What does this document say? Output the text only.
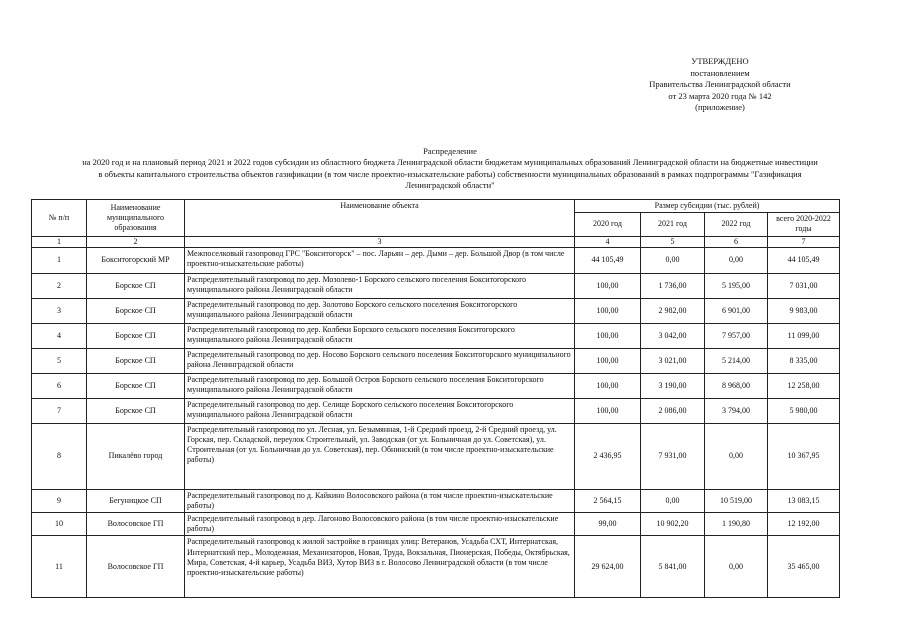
УТВЕРЖДЕНО
постановлением
Правительства Ленинградской области
от 23 марта 2020 года № 142
(приложение)
Распределение
на 2020 год и на плановый период 2021 и 2022 годов субсидии из областного бюджета Ленинградской области бюджетам муниципальных образований Ленинградской области на бюджетные инвестиции
в объекты капитального строительства объектов газификации (в том числе проектно-изыскательские работы) собственности муниципальных образований в рамках подпрограммы "Газификация
Ленинградской области"
№ п/п	Наименование муниципального образования	Наименование объекта	Размер субсидии (тыс. рублей)			
			2020 год	2021 год	2022 год	всего 2020-2022 годы
1	2	3	4	5	6	7
1	Бокситогорский МР	Межпоселковый газопровод ГРС "Бокситогорск" – пос. Ларьян – дер. Дыми – дер. Большой Двор (в том числе проектно-изыскательские работы)	44 105,49	0,00	0,00	44 105,49
2	Борское СП	Распределительный газопровод по дер. Мозолево-1 Борского сельского поселения Бокситогорского муниципального района Ленинградской области	100,00	1 736,00	5 195,00	7 031,00
3	Борское СП	Распределительный газопровод по дер. Золотово Борского сельского поселения Бокситогорского муниципального района Ленинградской области	100,00	2 982,00	6 901,00	9 983,00
4	Борское СП	Распределительный газопровод по дер. Колбеки Борского сельского поселения Бокситогорского муниципального района Ленинградской области	100,00	3 042,00	7 957,00	11 099,00
5	Борское СП	Распределительный газопровод по дер. Носово Борского сельского поселения Бокситогорского муниципального района Ленинградской области	100,00	3 021,00	5 214,00	8 335,00
6	Борское СП	Распределительный газопровод по дер. Большой Остров Борского сельского поселения Бокситогорского муниципального района Ленинградской области	100,00	3 190,00	8 968,00	12 258,00
7	Борское СП	Распределительный газопровод по дер. Селище Борского сельского поселения Бокситогорского муниципального района Ленинградской области	100,00	2 086,00	3 794,00	5 980,00
8	Пикалёво город	Распределительный газопровод по ул. Лесная, ул. Безымянная, 1-й Средний проезд, 2-й Средний проезд, ул. Горская, пер. Складской, переулок Строительный, ул. Заводская (от ул. Больничная до ул. Советская), ул. Строительная (от ул. Больничная до ул. Советская), пер. Обнинский (в том числе проектно-изыскательские работы)	2 436,95	7 931,00	0,00	10 367,95
9	Бегуницкое СП	Распределительный газопровод по д. Кайкино Волосовского района (в том числе проектно-изыскательские работы)	2 564,15	0,00	10 519,00	13 083,15
10	Волосовское ГП	Распределительный газопровод в дер. Лагоново Волосовского района (в том числе проектно-изыскательские работы)	99,00	10 902,20	1 190,80	12 192,00
11	Волосовское ГП	Распределительный газопровод к жилой застройке в границах улиц: Ветеранов, Усадьба СХТ, Интернатская, Интернатский пер., Молодежная, Механизаторов, Новая, Труда, Вокзальная, Пионерская, Победы, Октябрьская, Мира, Советская, 4-й карьер, Усадьба ВИЗ, Хутор ВИЗ в г. Волосово Ленинградской области (в том числе проектно-изыскательские работы)	29 624,00	5 841,00	0,00	35 465,00
